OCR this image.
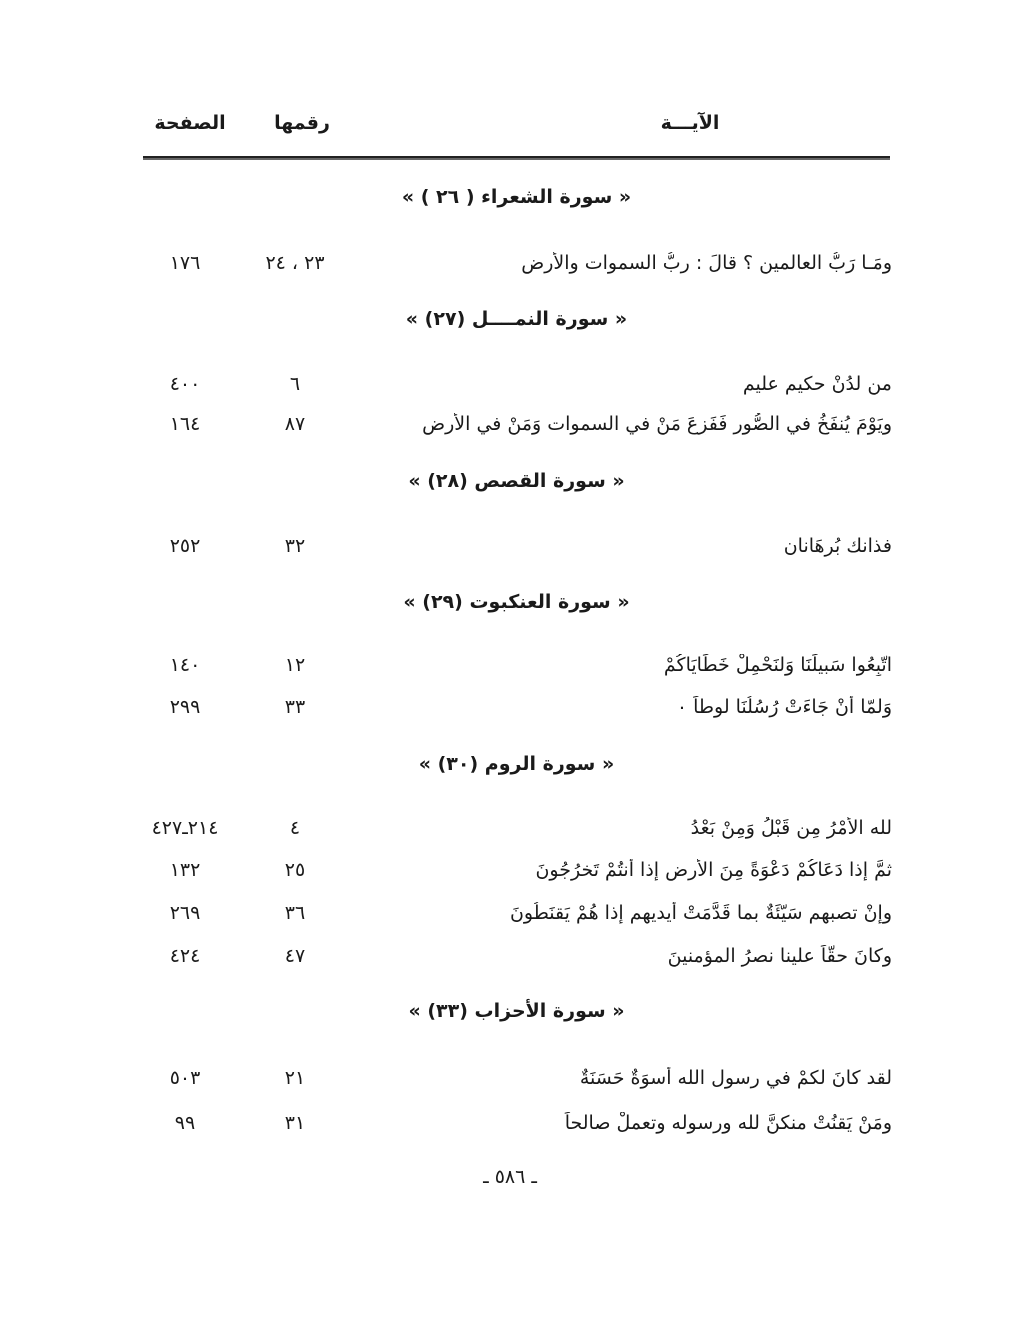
الآيـــة
رقمها
الصفحة
« سورة الشعراء ( ٢٦ ) »
ومَـا رَبُّ العالمين ؟ قالَ : ربُّ السموات والأرض
٢٣ ، ٢٤
١٧٦
« سورة النمــــل (٢٧) »
من لدُنْ حكيم عليم
٦
٤٠٠
ويَوْمَ يُنفَخُ في الصُّور فَفَزِعَ مَنْ في السموات وَمَنْ في الأرض
٨٧
١٦٤
« سورة القصص (٢٨) »
فذانك بُرهَانان
٣٢
٢٥٢
« سورة العنكبوت (٢٩) »
اتّبِعُوا سَبيلَنَا وَلنَحْمِلْ خَطَايَاكُمْ
١٢
١٤٠
وَلمّا أنْ جَاءَتْ رُسُلُنَا لوطاً ٠
٣٣
٢٩٩
« سورة الروم (٣٠) »
لله الأمْرُ مِن قَبْلُ وَمِنْ بَعْدُ
٤
٢١٤ـ٤٢٧
ثمَّ إذا دَعَاكُمْ دَعْوَةً مِنَ الأرض إذا أنتُمْ تَخرُجُونَ
٢٥
١٣٢
وإنْ تصبهم سَيّئَةٌ بما قَدَّمَتْ أيديهم إذا هُمْ يَقنَطُونَ
٣٦
٢٦٩
وكانَ حقّاً علينا نصرُ المؤمنينَ
٤٧
٤٢٤
« سورة الأحزاب (٣٣) »
لقد كانَ لكمْ في رسول الله أُسوَةٌ حَسَنَةٌ
٢١
٥٠٣
ومَنْ يَقنُتْ منكنَّ لله ورسوله وتعملْ صالحاً
٣١
٩٩
ـ ٥٨٦ ـ
